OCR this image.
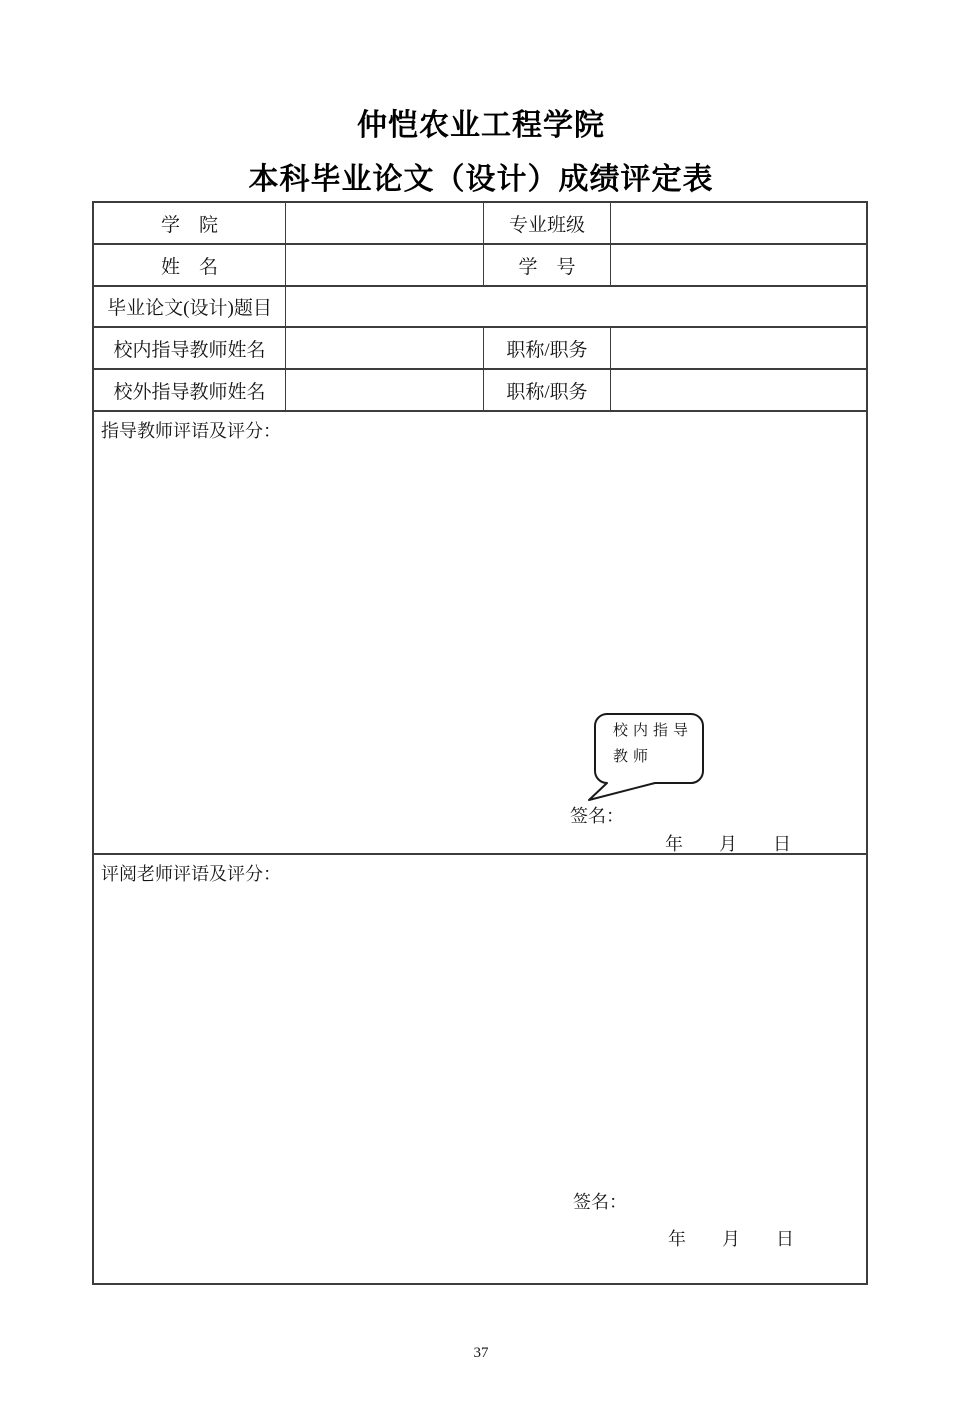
仲恺农业工程学院
本科毕业论文（设计）成绩评定表
学    院	专业班级
姓    名	学    号
毕业论文(设计)题目
校内指导教师姓名	职称/职务
校外指导教师姓名	职称/职务
指导教师评语及评分：
校内指导
教师
签名：
年        月        日
评阅老师评语及评分：
签名：
年        月        日
37
